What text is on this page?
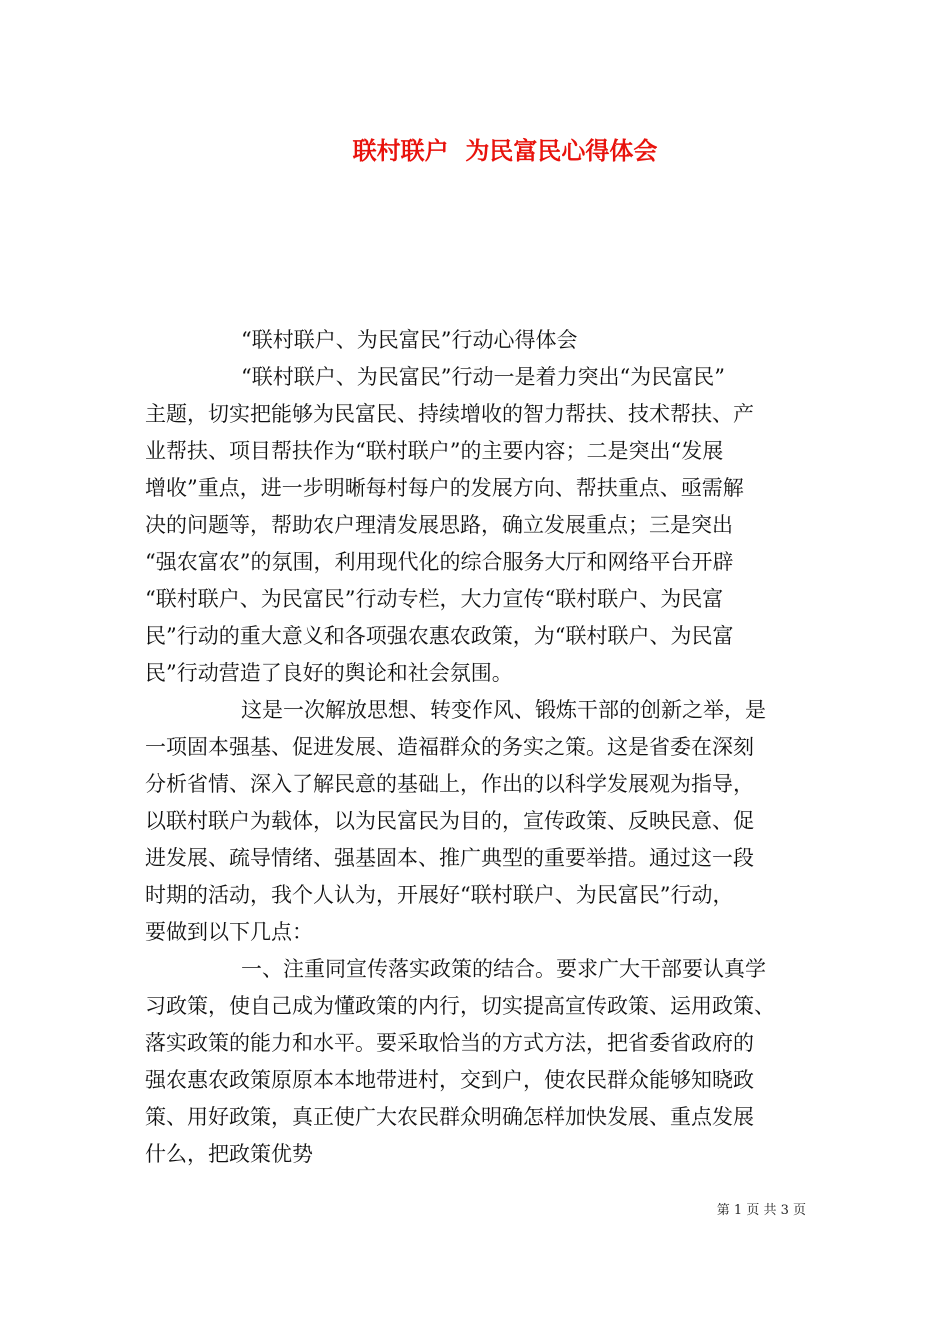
联村联户  为民富民心得体会
“联村联户、为民富民”行动心得体会
“联村联户、为民富民”行动一是着力突出“为民富民”
主题，切实把能够为民富民、持续增收的智力帮扶、技术帮扶、产
业帮扶、项目帮扶作为“联村联户”的主要内容；二是突出“发展
增收”重点，进一步明晰每村每户的发展方向、帮扶重点、亟需解
决的问题等，帮助农户理清发展思路，确立发展重点；三是突出
“强农富农”的氛围，利用现代化的综合服务大厅和网络平台开辟
“联村联户、为民富民”行动专栏，大力宣传“联村联户、为民富
民”行动的重大意义和各项强农惠农政策，为“联村联户、为民富
民”行动营造了良好的舆论和社会氛围。
这是一次解放思想、转变作风、锻炼干部的创新之举，是
一项固本强基、促进发展、造福群众的务实之策。这是省委在深刻
分析省情、深入了解民意的基础上，作出的以科学发展观为指导，
以联村联户为载体，以为民富民为目的，宣传政策、反映民意、促
进发展、疏导情绪、强基固本、推广典型的重要举措。通过这一段
时期的活动，我个人认为，开展好“联村联户、为民富民”行动，
要做到以下几点：
一、注重同宣传落实政策的结合。要求广大干部要认真学
习政策，使自己成为懂政策的内行，切实提高宣传政策、运用政策、
落实政策的能力和水平。要采取恰当的方式方法，把省委省政府的
强农惠农政策原原本本地带进村，交到户，使农民群众能够知晓政
策、用好政策，真正使广大农民群众明确怎样加快发展、重点发展
什么，把政策优势
第 1 页 共 3 页
